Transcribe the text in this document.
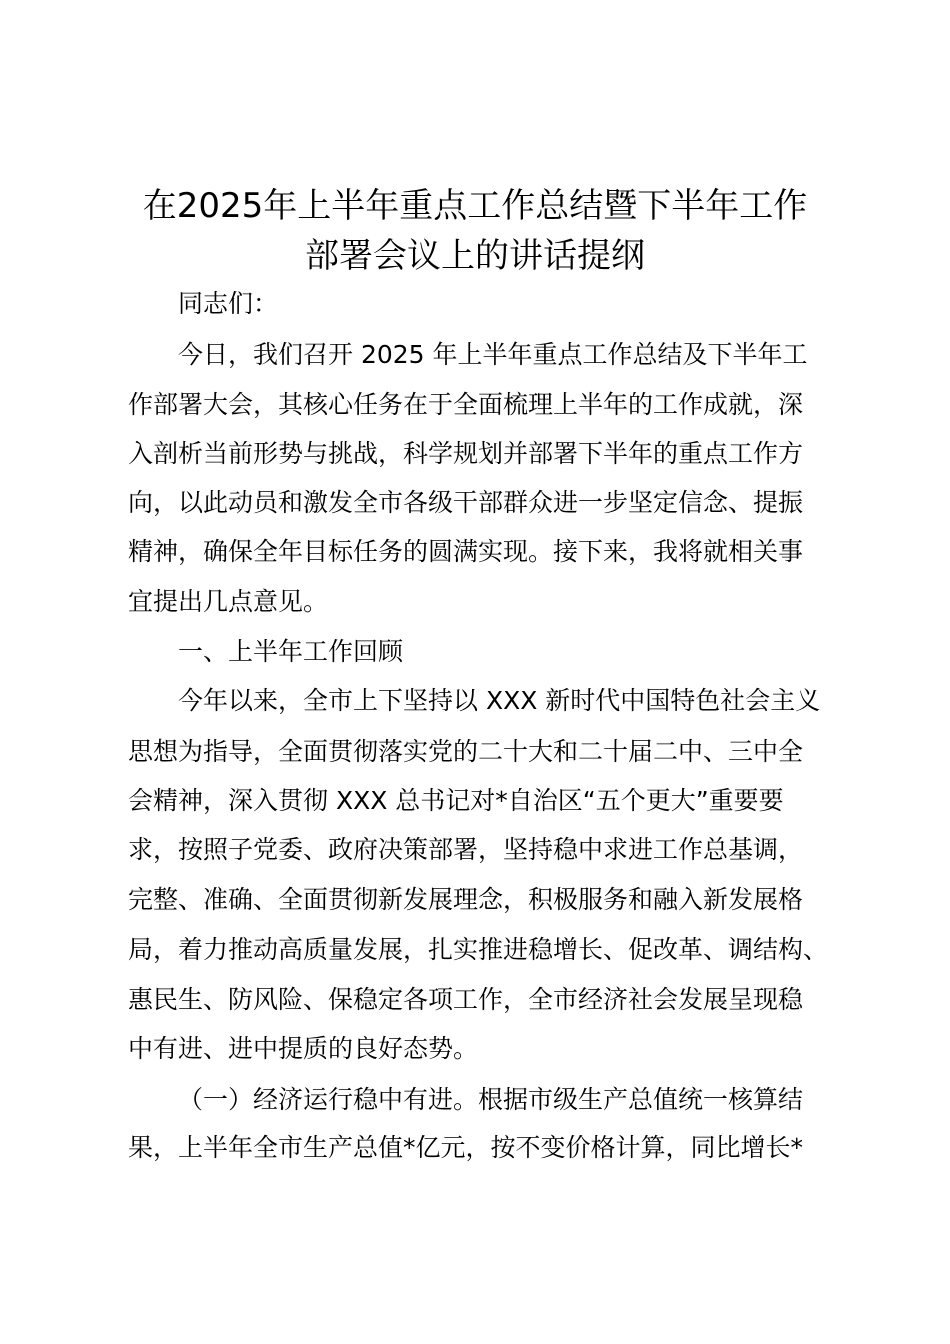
在2025年上半年重点工作总结暨下半年工作
部署会议上的讲话提纲

同志们：

今日，我们召开 2025 年上半年重点工作总结及下半年工

作部署大会，其核心任务在于全面梳理上半年的工作成就，深

入剖析当前形势与挑战，科学规划并部署下半年的重点工作方

向，以此动员和激发全市各级干部群众进一步坚定信念、提振

精神，确保全年目标任务的圆满实现。接下来，我将就相关事

宜提出几点意见。

一、上半年工作回顾

今年以来，全市上下坚持以 XXX 新时代中国特色社会主义

思想为指导，全面贯彻落实党的二十大和二十届二中、三中全

会精神，深入贯彻 XXX 总书记对*自治区“五个更大”重要要

求，按照子党委、政府决策部署，坚持稳中求进工作总基调，

完整、准确、全面贯彻新发展理念，积极服务和融入新发展格

局，着力推动高质量发展，扎实推进稳增长、促改革、调结构、

惠民生、防风险、保稳定各项工作，全市经济社会发展呈现稳

中有进、进中提质的良好态势。

（一）经济运行稳中有进。根据市级生产总值统一核算结

果，上半年全市生产总值*亿元，按不变价格计算，同比增长*
